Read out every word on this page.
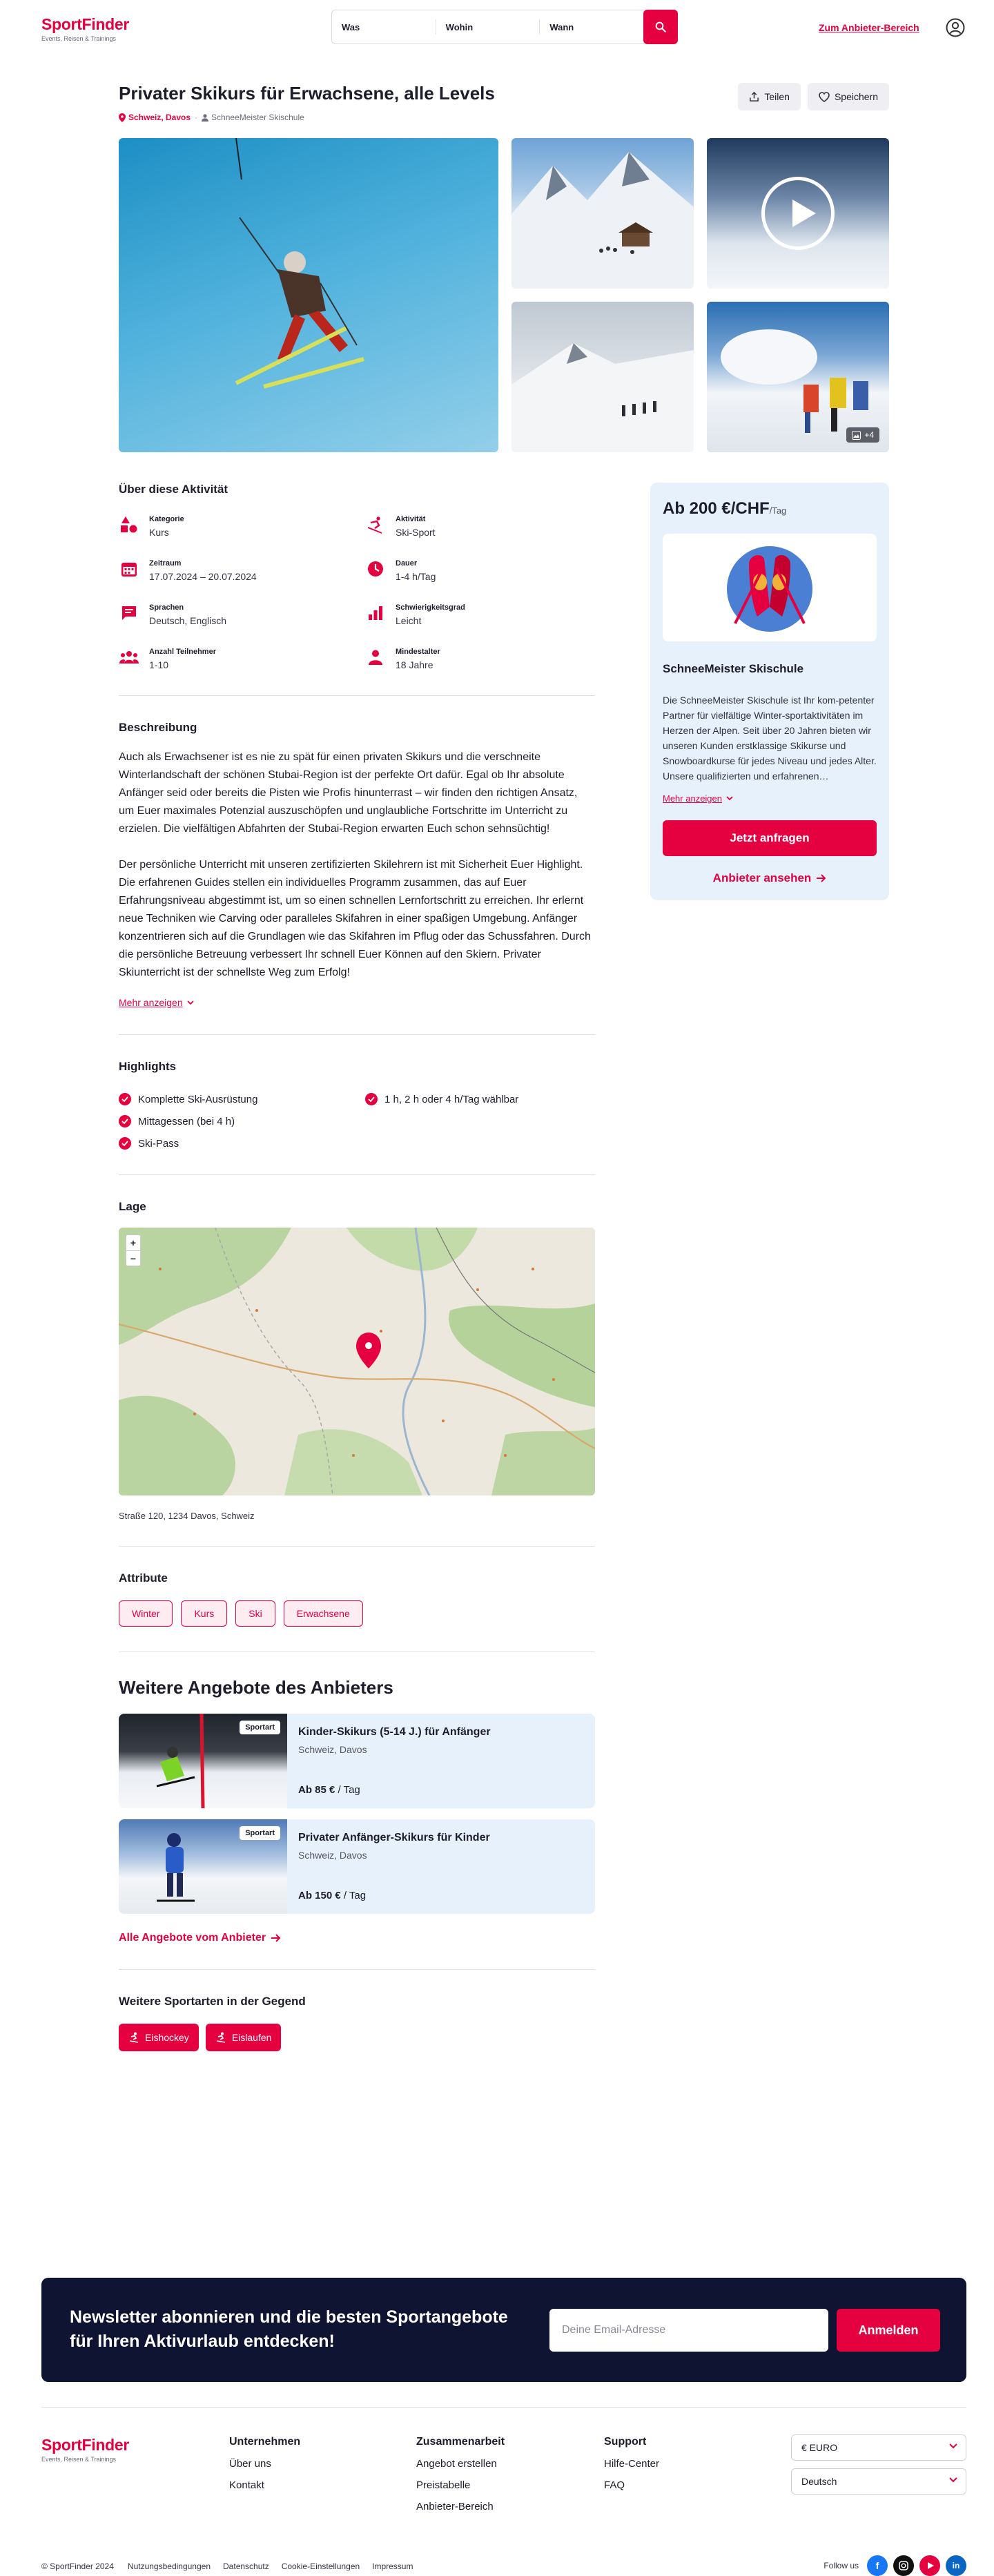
SportFinder
Events, Reisen & Trainings
Was	Wohin	Wann	Zum Anbieter-Bereich
Privater Skikurs für Erwachsene, alle Levels
Schweiz, Davos · SchneeMeister Skischule
Teilen	Speichern
+4
Über diese Aktivität
Kategorie
Kurs
Aktivität
Ski-Sport
Zeitraum
17.07.2024 – 20.07.2024
Dauer
1-4 h/Tag
Sprachen
Deutsch, Englisch
Schwierigkeitsgrad
Leicht
Anzahl Teilnehmer
1-10
Mindestalter
18 Jahre
Beschreibung

Auch als Erwachsener ist es nie zu spät für einen privaten Skikurs und die verschneite Winterlandschaft der schönen Stubai-Region ist der perfekte Ort dafür. Egal ob Ihr absolute Anfänger seid oder bereits die Pisten wie Profis hinunterrast – wir finden den richtigen Ansatz, um Euer maximales Potenzial auszuschöpfen und unglaubliche Fortschritte im Unterricht zu erzielen. Die vielfältigen Abfahrten der Stubai-Region erwarten Euch schon sehnsüchtig!

Der persönliche Unterricht mit unseren zertifizierten Skilehrern ist mit Sicherheit Euer Highlight. Die erfahrenen Guides stellen ein individuelles Programm zusammen, das auf Euer Erfahrungsniveau abgestimmt ist, um so einen schnellen Lernfortschritt zu erreichen. Ihr erlernt neue Techniken wie Carving oder paralleles Skifahren in einer spaßigen Umgebung. Anfänger konzentrieren sich auf die Grundlagen wie das Skifahren im Pflug oder das Schussfahren. Durch die persönliche Betreuung verbessert Ihr schnell Euer Können auf den Skiern. Privater Skiunterricht ist der schnellste Weg zum Erfolg!

Mehr anzeigen
Highlights
Komplette Ski-Ausrüstung	1 h, 2 h oder 4 h/Tag wählbar
Mittagessen (bei 4 h)
Ski-Pass
Lage
+
−
Straße 120, 1234 Davos, Schweiz
Attribute
Winter	Kurs	Ski	Erwachsene
Weitere Angebote des Anbieters
Sportart	Kinder-Skikurs (5-14 J.) für Anfänger
Schweiz, Davos
Ab 85 € / Tag
Sportart	Privater Anfänger-Skikurs für Kinder
Schweiz, Davos
Ab 150 € / Tag
Alle Angebote vom Anbieter
Weitere Sportarten in der Gegend
Eishockey	Eislaufen
Ab 200 €/CHF/Tag
SchneeMeister Skischule
Die SchneeMeister Skischule ist Ihr kom-petenter Partner für vielfältige Winter-sportaktivitäten im Herzen der Alpen. Seit über 20 Jahren bieten wir unseren Kunden erstklassige Skikurse und Snowboardkurse für jedes Niveau und jedes Alter. Unsere qualifizierten und erfahrenen…
Mehr anzeigen
Jetzt anfragen
Anbieter ansehen
Newsletter abonnieren und die besten Sportangebote
für Ihren Aktivurlaub entdecken!
Deine Email-Adresse	Anmelden
SportFinder
Events, Reisen & Trainings
Unternehmen
Über uns
Kontakt
Zusammenarbeit
Angebot erstellen
Preistabelle
Anbieter-Bereich
Support
Hilfe-Center
FAQ
€ EURO
Deutsch
© SportFinder 2024 Nutzungsbedingungen Datenschutz Cookie-Einstellungen Impressum	Follow us	f	in
